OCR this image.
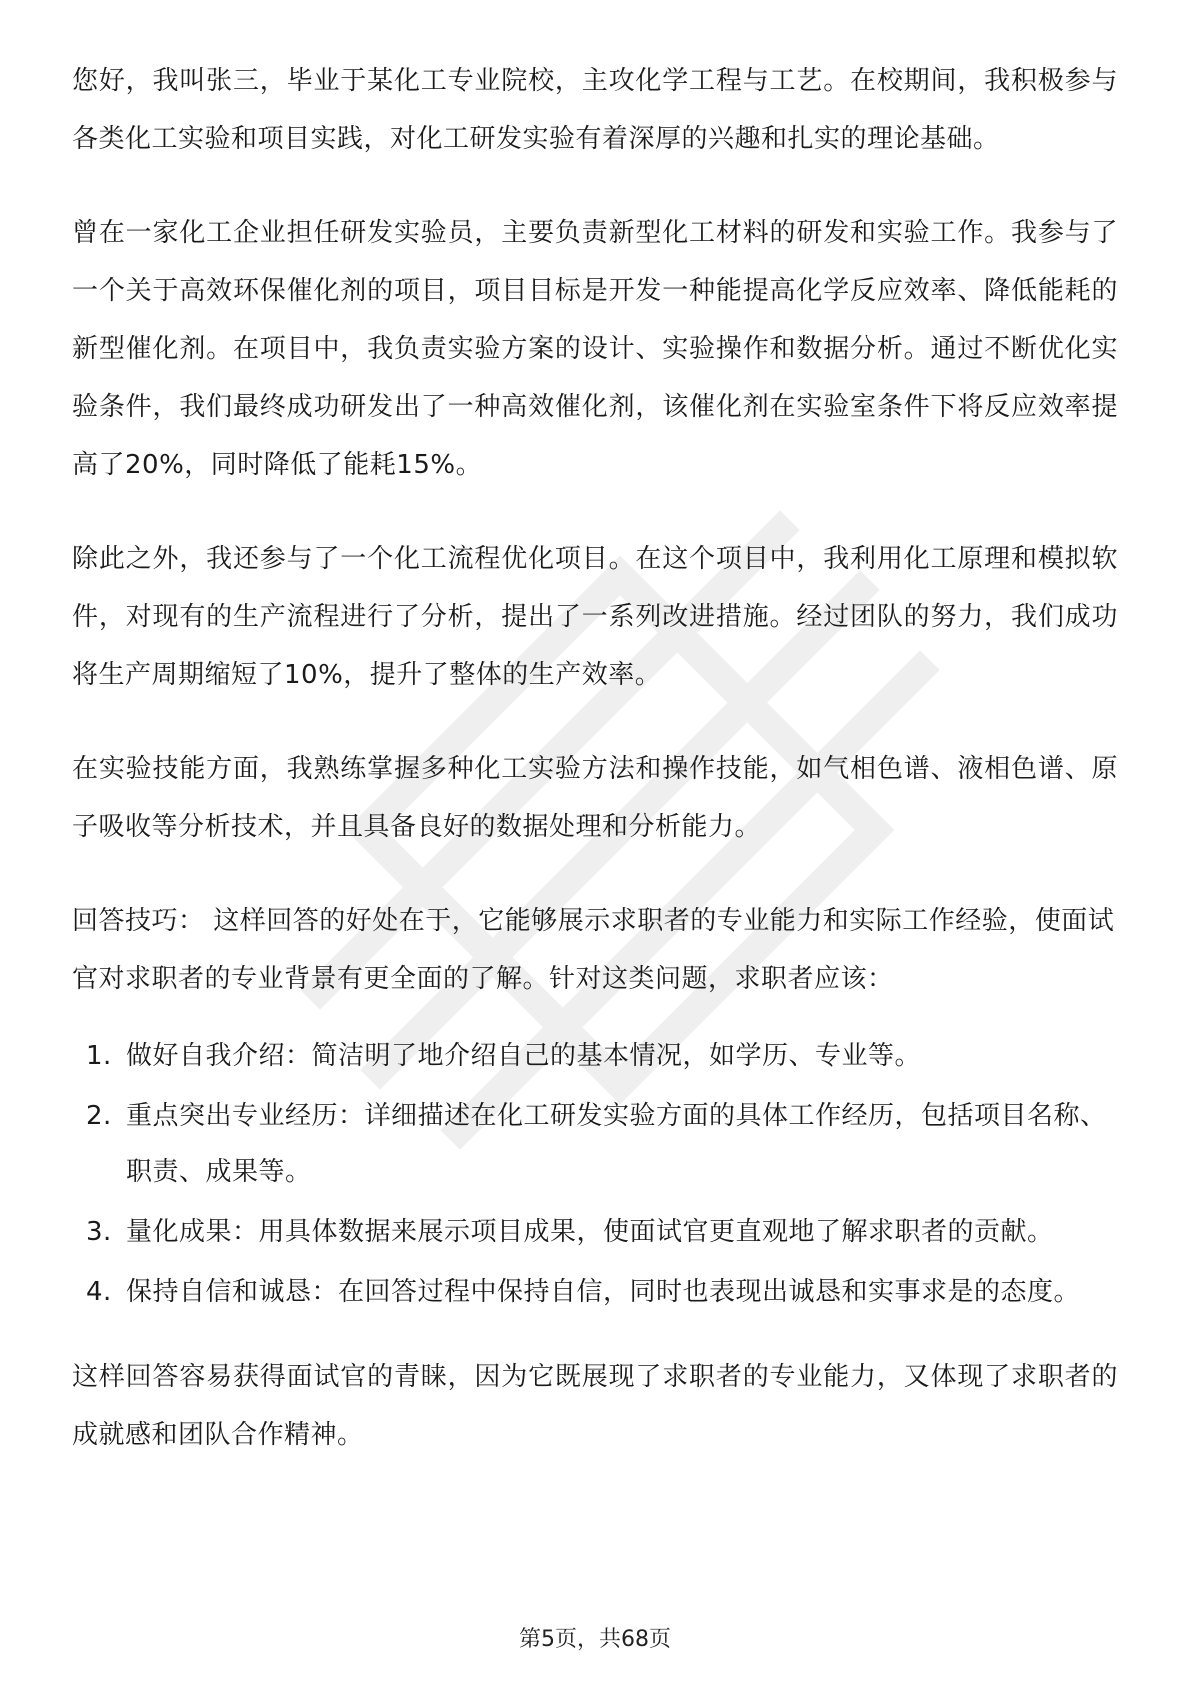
您好，我叫张三，毕业于某化工专业院校，主攻化学工程与工艺。在校期间，我积极参与各类化工实验和项目实践，对化工研发实验有着深厚的兴趣和扎实的理论基础。

曾在一家化工企业担任研发实验员，主要负责新型化工材料的研发和实验工作。我参与了一个关于高效环保催化剂的项目，项目目标是开发一种能提高化学反应效率、降低能耗的新型催化剂。在项目中，我负责实验方案的设计、实验操作和数据分析。通过不断优化实验条件，我们最终成功研发出了一种高效催化剂，该催化剂在实验室条件下将反应效率提高了20%，同时降低了能耗15%。

除此之外，我还参与了一个化工流程优化项目。在这个项目中，我利用化工原理和模拟软件，对现有的生产流程进行了分析，提出了一系列改进措施。经过团队的努力，我们成功将生产周期缩短了10%，提升了整体的生产效率。

在实验技能方面，我熟练掌握多种化工实验方法和操作技能，如气相色谱、液相色谱、原子吸收等分析技术，并且具备良好的数据处理和分析能力。

回答技巧： 这样回答的好处在于，它能够展示求职者的专业能力和实际工作经验，使面试官对求职者的专业背景有更全面的了解。针对这类问题，求职者应该：

1. 做好自我介绍：简洁明了地介绍自己的基本情况，如学历、专业等。
2. 重点突出专业经历：详细描述在化工研发实验方面的具体工作经历，包括项目名称、职责、成果等。
3. 量化成果：用具体数据来展示项目成果，使面试官更直观地了解求职者的贡献。
4. 保持自信和诚恳：在回答过程中保持自信，同时也表现出诚恳和实事求是的态度。

这样回答容易获得面试官的青睐，因为它既展现了求职者的专业能力，又体现了求职者的成就感和团队合作精神。

第5页，共68页
